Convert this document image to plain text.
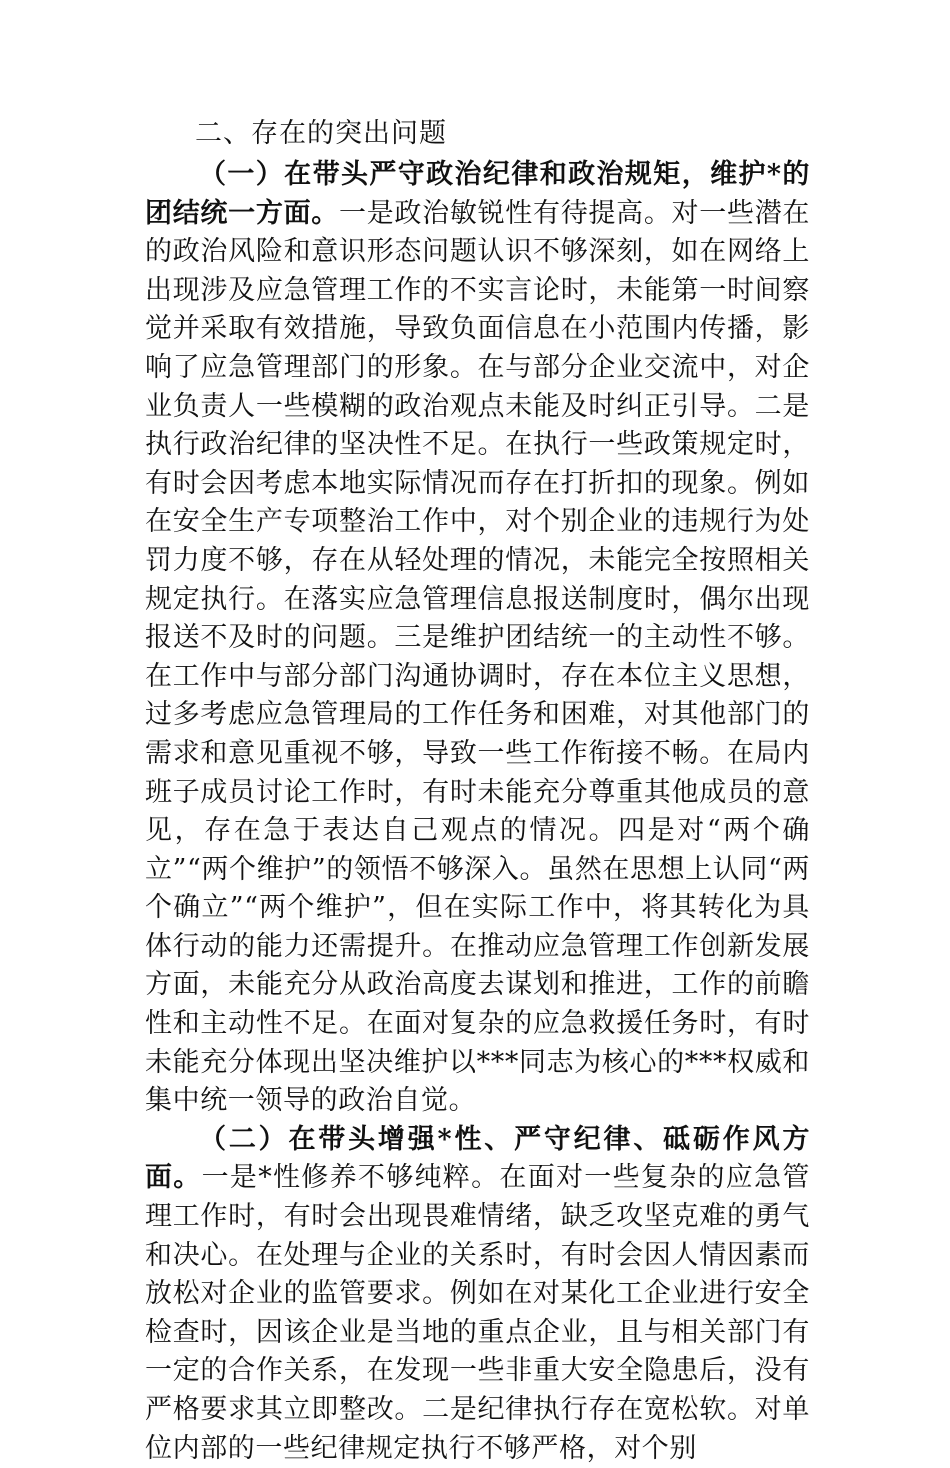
二、存在的突出问题

（一）在带头严守政治纪律和政治规矩，维护*的团结统一方面。一是政治敏锐性有待提高。对一些潜在的政治风险和意识形态问题认识不够深刻，如在网络上出现涉及应急管理工作的不实言论时，未能第一时间察觉并采取有效措施，导致负面信息在小范围内传播，影响了应急管理部门的形象。在与部分企业交流中，对企业负责人一些模糊的政治观点未能及时纠正引导。二是执行政治纪律的坚决性不足。在执行一些政策规定时，有时会因考虑本地实际情况而存在打折扣的现象。例如在安全生产专项整治工作中，对个别企业的违规行为处罚力度不够，存在从轻处理的情况，未能完全按照相关规定执行。在落实应急管理信息报送制度时，偶尔出现报送不及时的问题。三是维护团结统一的主动性不够。在工作中与部分部门沟通协调时，存在本位主义思想，过多考虑应急管理局的工作任务和困难，对其他部门的需求和意见重视不够，导致一些工作衔接不畅。在局内班子成员讨论工作时，有时未能充分尊重其他成员的意见，存在急于表达自己观点的情况。四是对“两个确立”“两个维护”的领悟不够深入。虽然在思想上认同“两个确立”“两个维护”，但在实际工作中，将其转化为具体行动的能力还需提升。在推动应急管理工作创新发展方面，未能充分从政治高度去谋划和推进，工作的前瞻性和主动性不足。在面对复杂的应急救援任务时，有时未能充分体现出坚决维护以***同志为核心的***权威和集中统一领导的政治自觉。

（二）在带头增强*性、严守纪律、砥砺作风方面。一是*性修养不够纯粹。在面对一些复杂的应急管理工作时，有时会出现畏难情绪，缺乏攻坚克难的勇气和决心。在处理与企业的关系时，有时会因人情因素而放松对企业的监管要求。例如在对某化工企业进行安全检查时，因该企业是当地的重点企业，且与相关部门有一定的合作关系，在发现一些非重大安全隐患后，没有严格要求其立即整改。二是纪律执行存在宽松软。对单位内部的一些纪律规定执行不够严格，对个别
